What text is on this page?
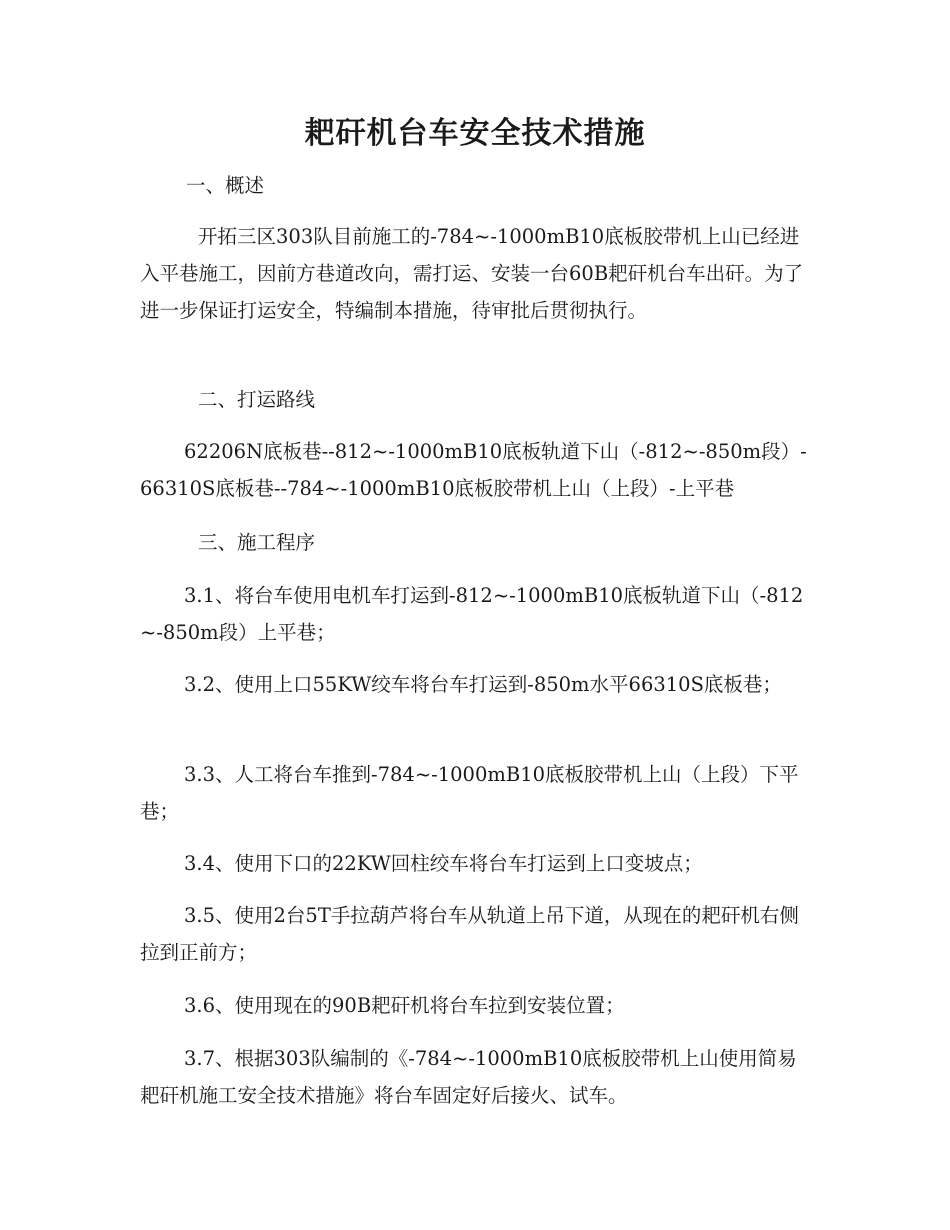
耙矸机台车安全技术措施
一、概述
开拓三区303队目前施工的-784~-1000mB10底板胶带机上山已经进入平巷施工，因前方巷道改向，需打运、安装一台60B耙矸机台车出矸。为了进一步保证打运安全，特编制本措施，待审批后贯彻执行。
二、打运路线
62206N底板巷--812~-1000mB10底板轨道下山（-812~-850m段）-66310S底板巷--784~-1000mB10底板胶带机上山（上段）-上平巷
三、施工程序
3.1、将台车使用电机车打运到-812~-1000mB10底板轨道下山（-812~-850m段）上平巷；
3.2、使用上口55KW绞车将台车打运到-850m水平66310S底板巷；
3.3、人工将台车推到-784~-1000mB10底板胶带机上山（上段）下平巷；
3.4、使用下口的22KW回柱绞车将台车打运到上口变坡点；
3.5、使用2台5T手拉葫芦将台车从轨道上吊下道，从现在的耙矸机右侧拉到正前方；
3.6、使用现在的90B耙矸机将台车拉到安装位置；
3.7、根据303队编制的《-784~-1000mB10底板胶带机上山使用简易耙矸机施工安全技术措施》将台车固定好后接火、试车。
